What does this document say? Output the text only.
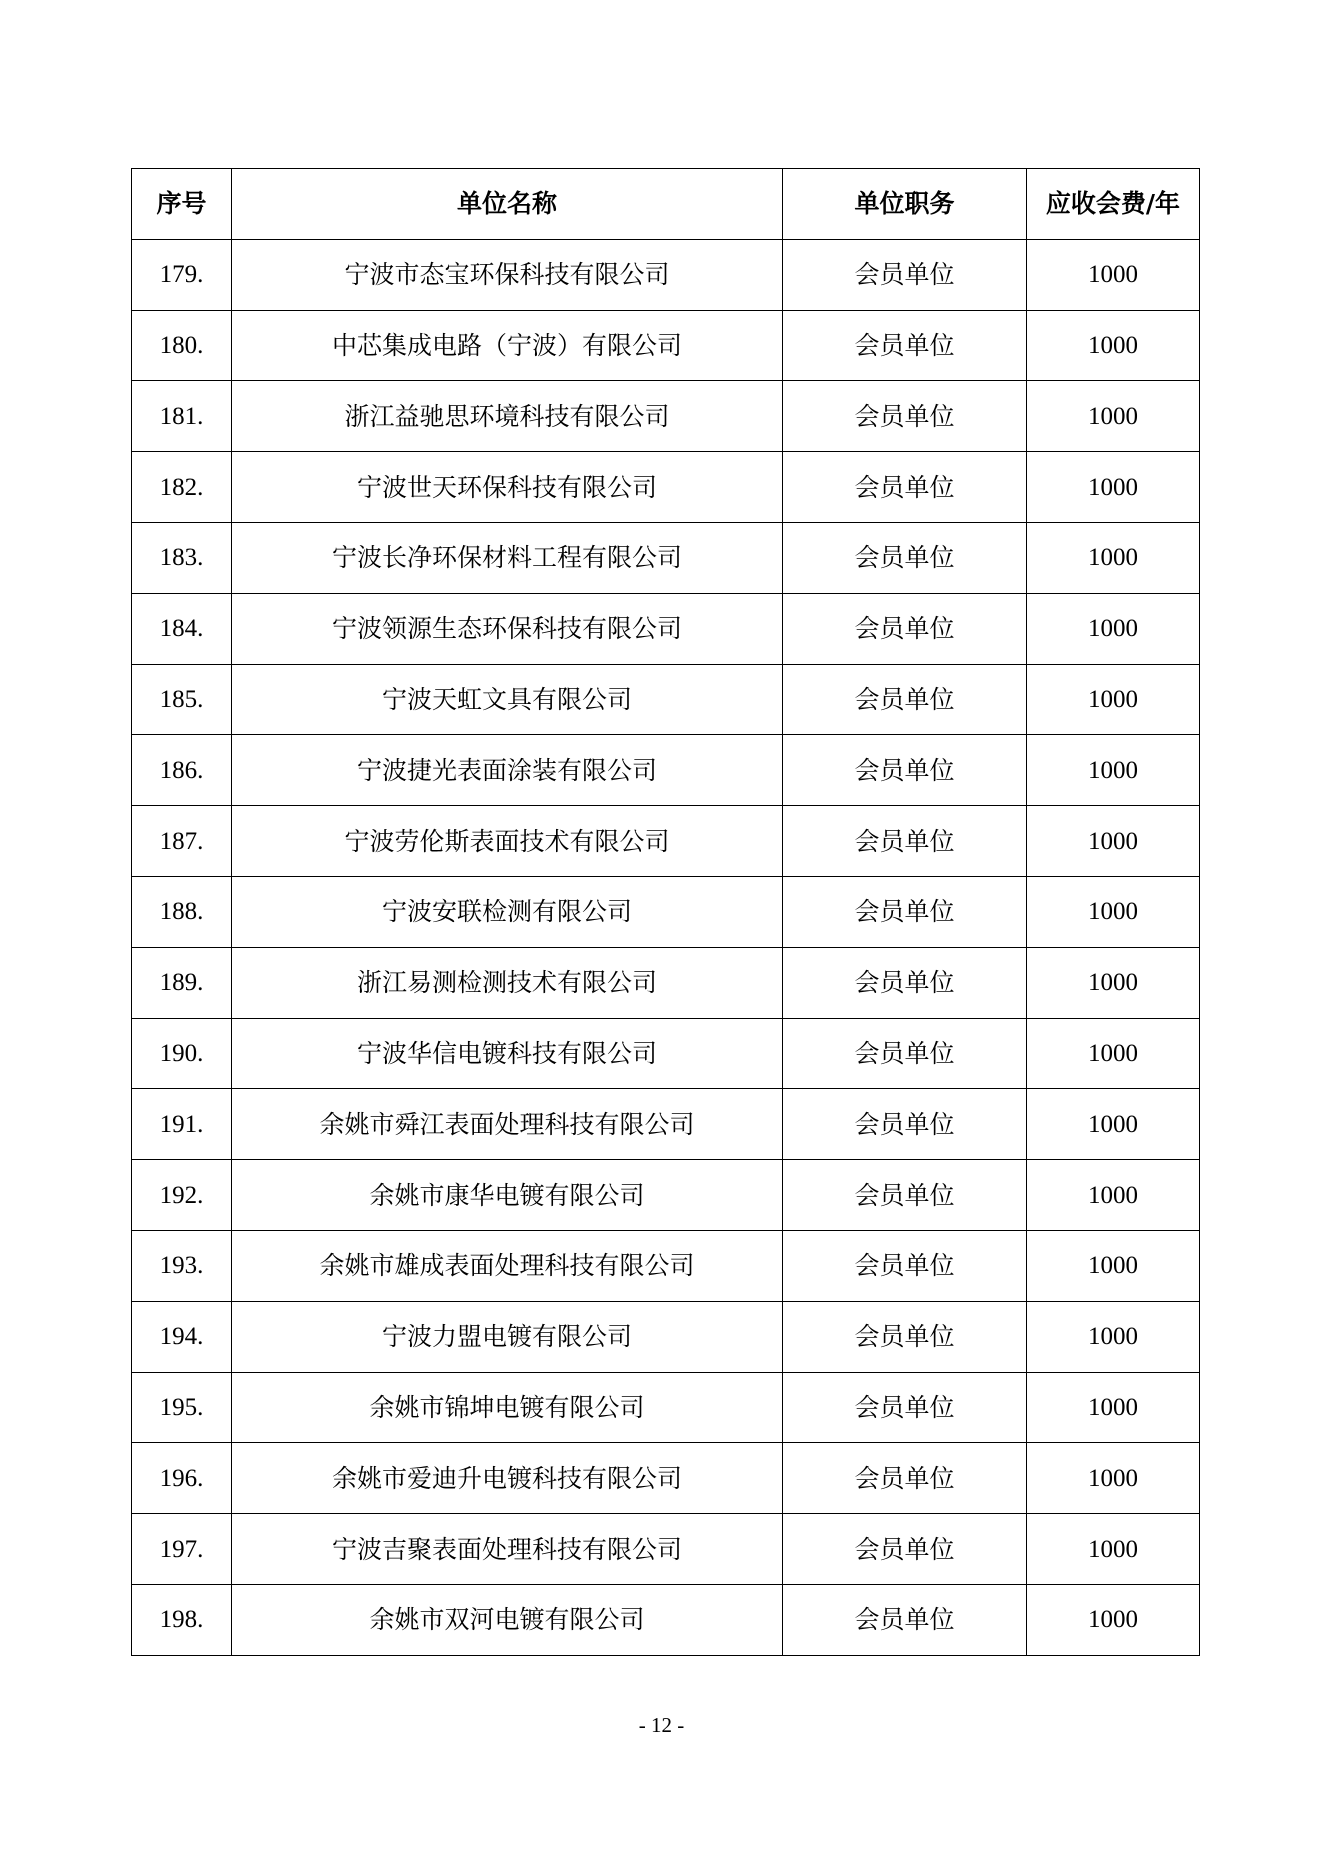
序号	单位名称	单位职务	应收会费/年
179.	宁波市态宝环保科技有限公司	会员单位	1000
180.	中芯集成电路（宁波）有限公司	会员单位	1000
181.	浙江益驰思环境科技有限公司	会员单位	1000
182.	宁波世天环保科技有限公司	会员单位	1000
183.	宁波长净环保材料工程有限公司	会员单位	1000
184.	宁波领源生态环保科技有限公司	会员单位	1000
185.	宁波天虹文具有限公司	会员单位	1000
186.	宁波捷光表面涂装有限公司	会员单位	1000
187.	宁波劳伦斯表面技术有限公司	会员单位	1000
188.	宁波安联检测有限公司	会员单位	1000
189.	浙江易测检测技术有限公司	会员单位	1000
190.	宁波华信电镀科技有限公司	会员单位	1000
191.	余姚市舜江表面处理科技有限公司	会员单位	1000
192.	余姚市康华电镀有限公司	会员单位	1000
193.	余姚市雄成表面处理科技有限公司	会员单位	1000
194.	宁波力盟电镀有限公司	会员单位	1000
195.	余姚市锦坤电镀有限公司	会员单位	1000
196.	余姚市爱迪升电镀科技有限公司	会员单位	1000
197.	宁波吉聚表面处理科技有限公司	会员单位	1000
198.	余姚市双河电镀有限公司	会员单位	1000
- 12 -
